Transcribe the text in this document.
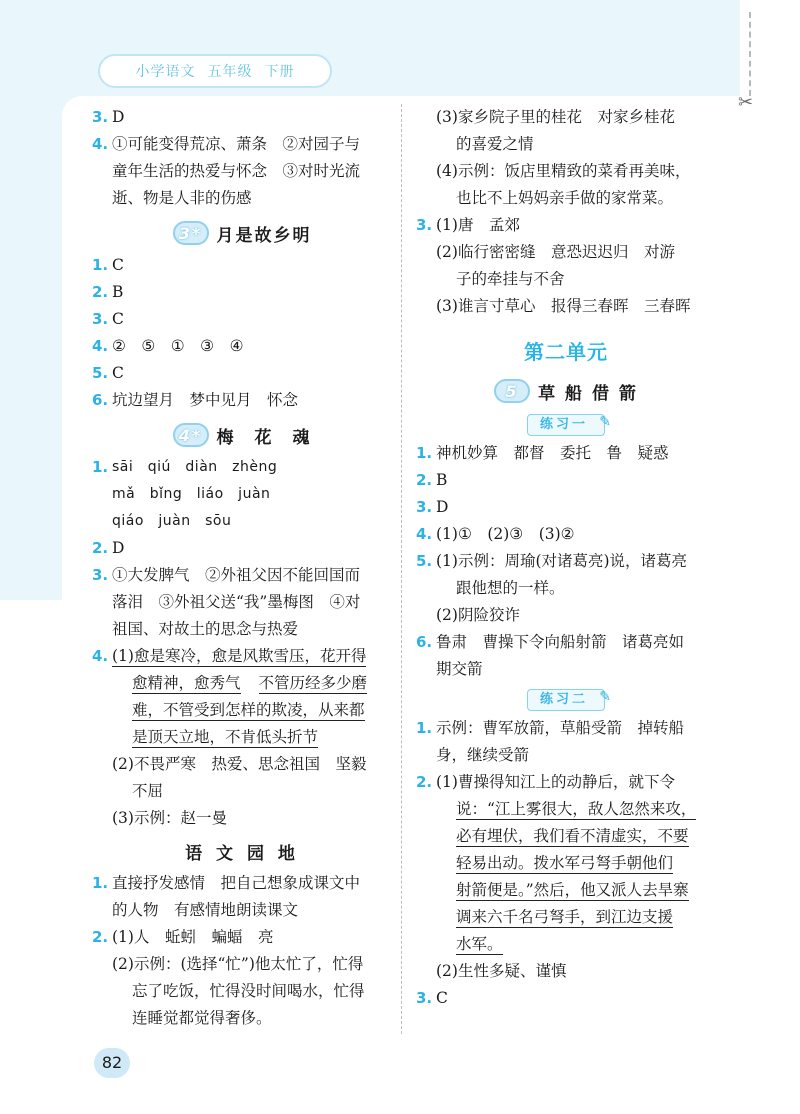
小学语文 五年级 下册
✂
3. D
4. ①可能变得荒凉、萧条　②对园子与
童年生活的热爱与怀念　③对时光流
逝、物是人非的伤感
3* 月是故乡明
1. C
2. B
3. C
4. ②　⑤　①　③　④
5. C
6. 坑边望月　梦中见月　怀念
4* 梅　花　魂
1. sāi　qiú　diàn　zhèng
mǎ　bǐng　liáo　juàn
qiáo　juàn　sōu
2. D
3. ①大发脾气　②外祖父因不能回国而
落泪　③外祖父送“我”墨梅图　④对
祖国、对故土的思念与热爱
4. (1)愈是寒冷，愈是风欺雪压，花开得
愈精神，愈秀气 不管历经多少磨
难，不管受到怎样的欺凌，从来都
是顶天立地，不肯低头折节
(2)不畏严寒　热爱、思念祖国　坚毅
不屈
(3)示例：赵一曼
语 文 园 地
1. 直接抒发感情　把自己想象成课文中
的人物　有感情地朗读课文
2. (1)人　蚯蚓　蝙蝠　亮
(2)示例：(选择“忙”)他太忙了，忙得
忘了吃饭，忙得没时间喝水，忙得
连睡觉都觉得奢侈。
(3)家乡院子里的桂花　对家乡桂花
的喜爱之情
(4)示例：饭店里精致的菜肴再美味，
也比不上妈妈亲手做的家常菜。
3. (1)唐　孟郊
(2)临行密密缝　意恐迟迟归　对游
子的牵挂与不舍
(3)谁言寸草心　报得三春晖　三春晖
第二单元
5 草 船 借 箭
练习一 ✎
1. 神机妙算　都督　委托　鲁　疑惑
2. B
3. D
4. (1)①　(2)③　(3)②
5. (1)示例：周瑜(对诸葛亮)说，诸葛亮
跟他想的一样。
(2)阴险狡诈
6. 鲁肃　曹操下令向船射箭　诸葛亮如
期交箭
练习二 ✎
1. 示例：曹军放箭，草船受箭　掉转船
身，继续受箭
2. (1)曹操得知江上的动静后，就下令
说：“江上雾很大，敌人忽然来攻，
必有埋伏，我们看不清虚实，不要
轻易出动。拨水军弓弩手朝他们
射箭便是。”然后，他又派人去旱寨
调来六千名弓弩手，到江边支援
水军。
(2)生性多疑、谨慎
3. C
82
